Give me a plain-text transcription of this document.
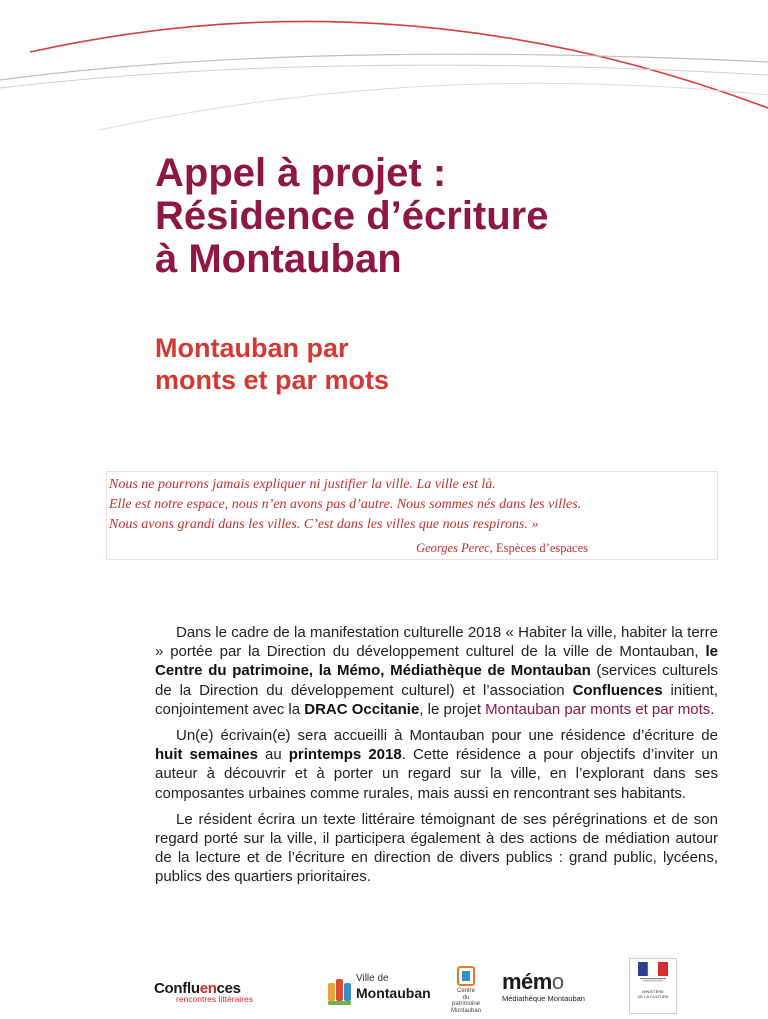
Appel à projet :
Résidence d’écriture
à Montauban
Montauban par
monts et par mots
Nous ne pourrons jamais expliquer ni justifier la ville. La ville est là.
Elle est notre espace, nous n’en avons pas d’autre. Nous sommes nés dans les villes.
Nous avons grandi dans les villes. C’est dans les villes que nous respirons. »
Georges Perec, Espèces d’espaces

Dans le cadre de la manifestation culturelle 2018 « Habiter la ville, habiter la terre » portée par la Direction du développement culturel de la ville de Montauban, le Centre du patrimoine, la Mémo, Médiathèque de Montauban (services culturels de la Direction du développement culturel) et l’association Confluences initient, conjointement avec la DRAC Occitanie, le projet Montauban par monts et par mots.

Un(e) écrivain(e) sera accueilli à Montauban pour une résidence d’écriture de huit semaines au printemps 2018. Cette résidence a pour objectifs d’inviter un auteur à découvrir et à porter un regard sur la ville, en l’explorant dans ses composantes urbaines comme rurales, mais aussi en rencontrant ses habitants.

Le résident écrira un texte littéraire témoignant de ses pérégrinations et de son regard porté sur la ville, il participera également à des actions de médiation autour de la lecture et de l’écriture en direction de divers publics : grand public, lycéens, publics des quartiers prioritaires.

Confluences
rencontres littéraires
Ville de
Montauban	Centre
du patrimoine
Montauban
mémo
Médiathèque Montauban
MINISTÈRE
DE LA CULTURE
